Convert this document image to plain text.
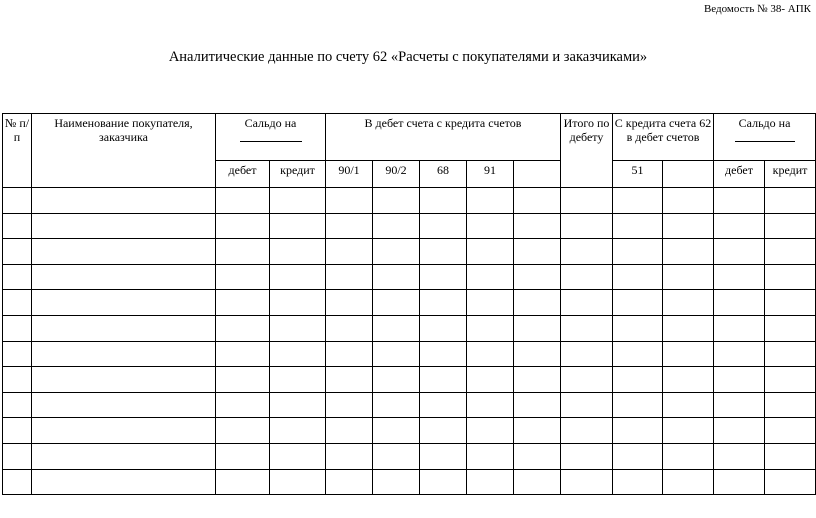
Ведомость № 38- АПК
Аналитические данные по счету 62 «Расчеты с покупателями и заказчиками»
№ п/п	Наименование покупателя, заказчика	Сальдо на		В дебет счета с кредита счетов					Итого по дебету	С кредита счета 62 в дебет счетов		Сальдо на	

		дебет	кредит	90/1	90/2	68	91			51		дебет	кредит
